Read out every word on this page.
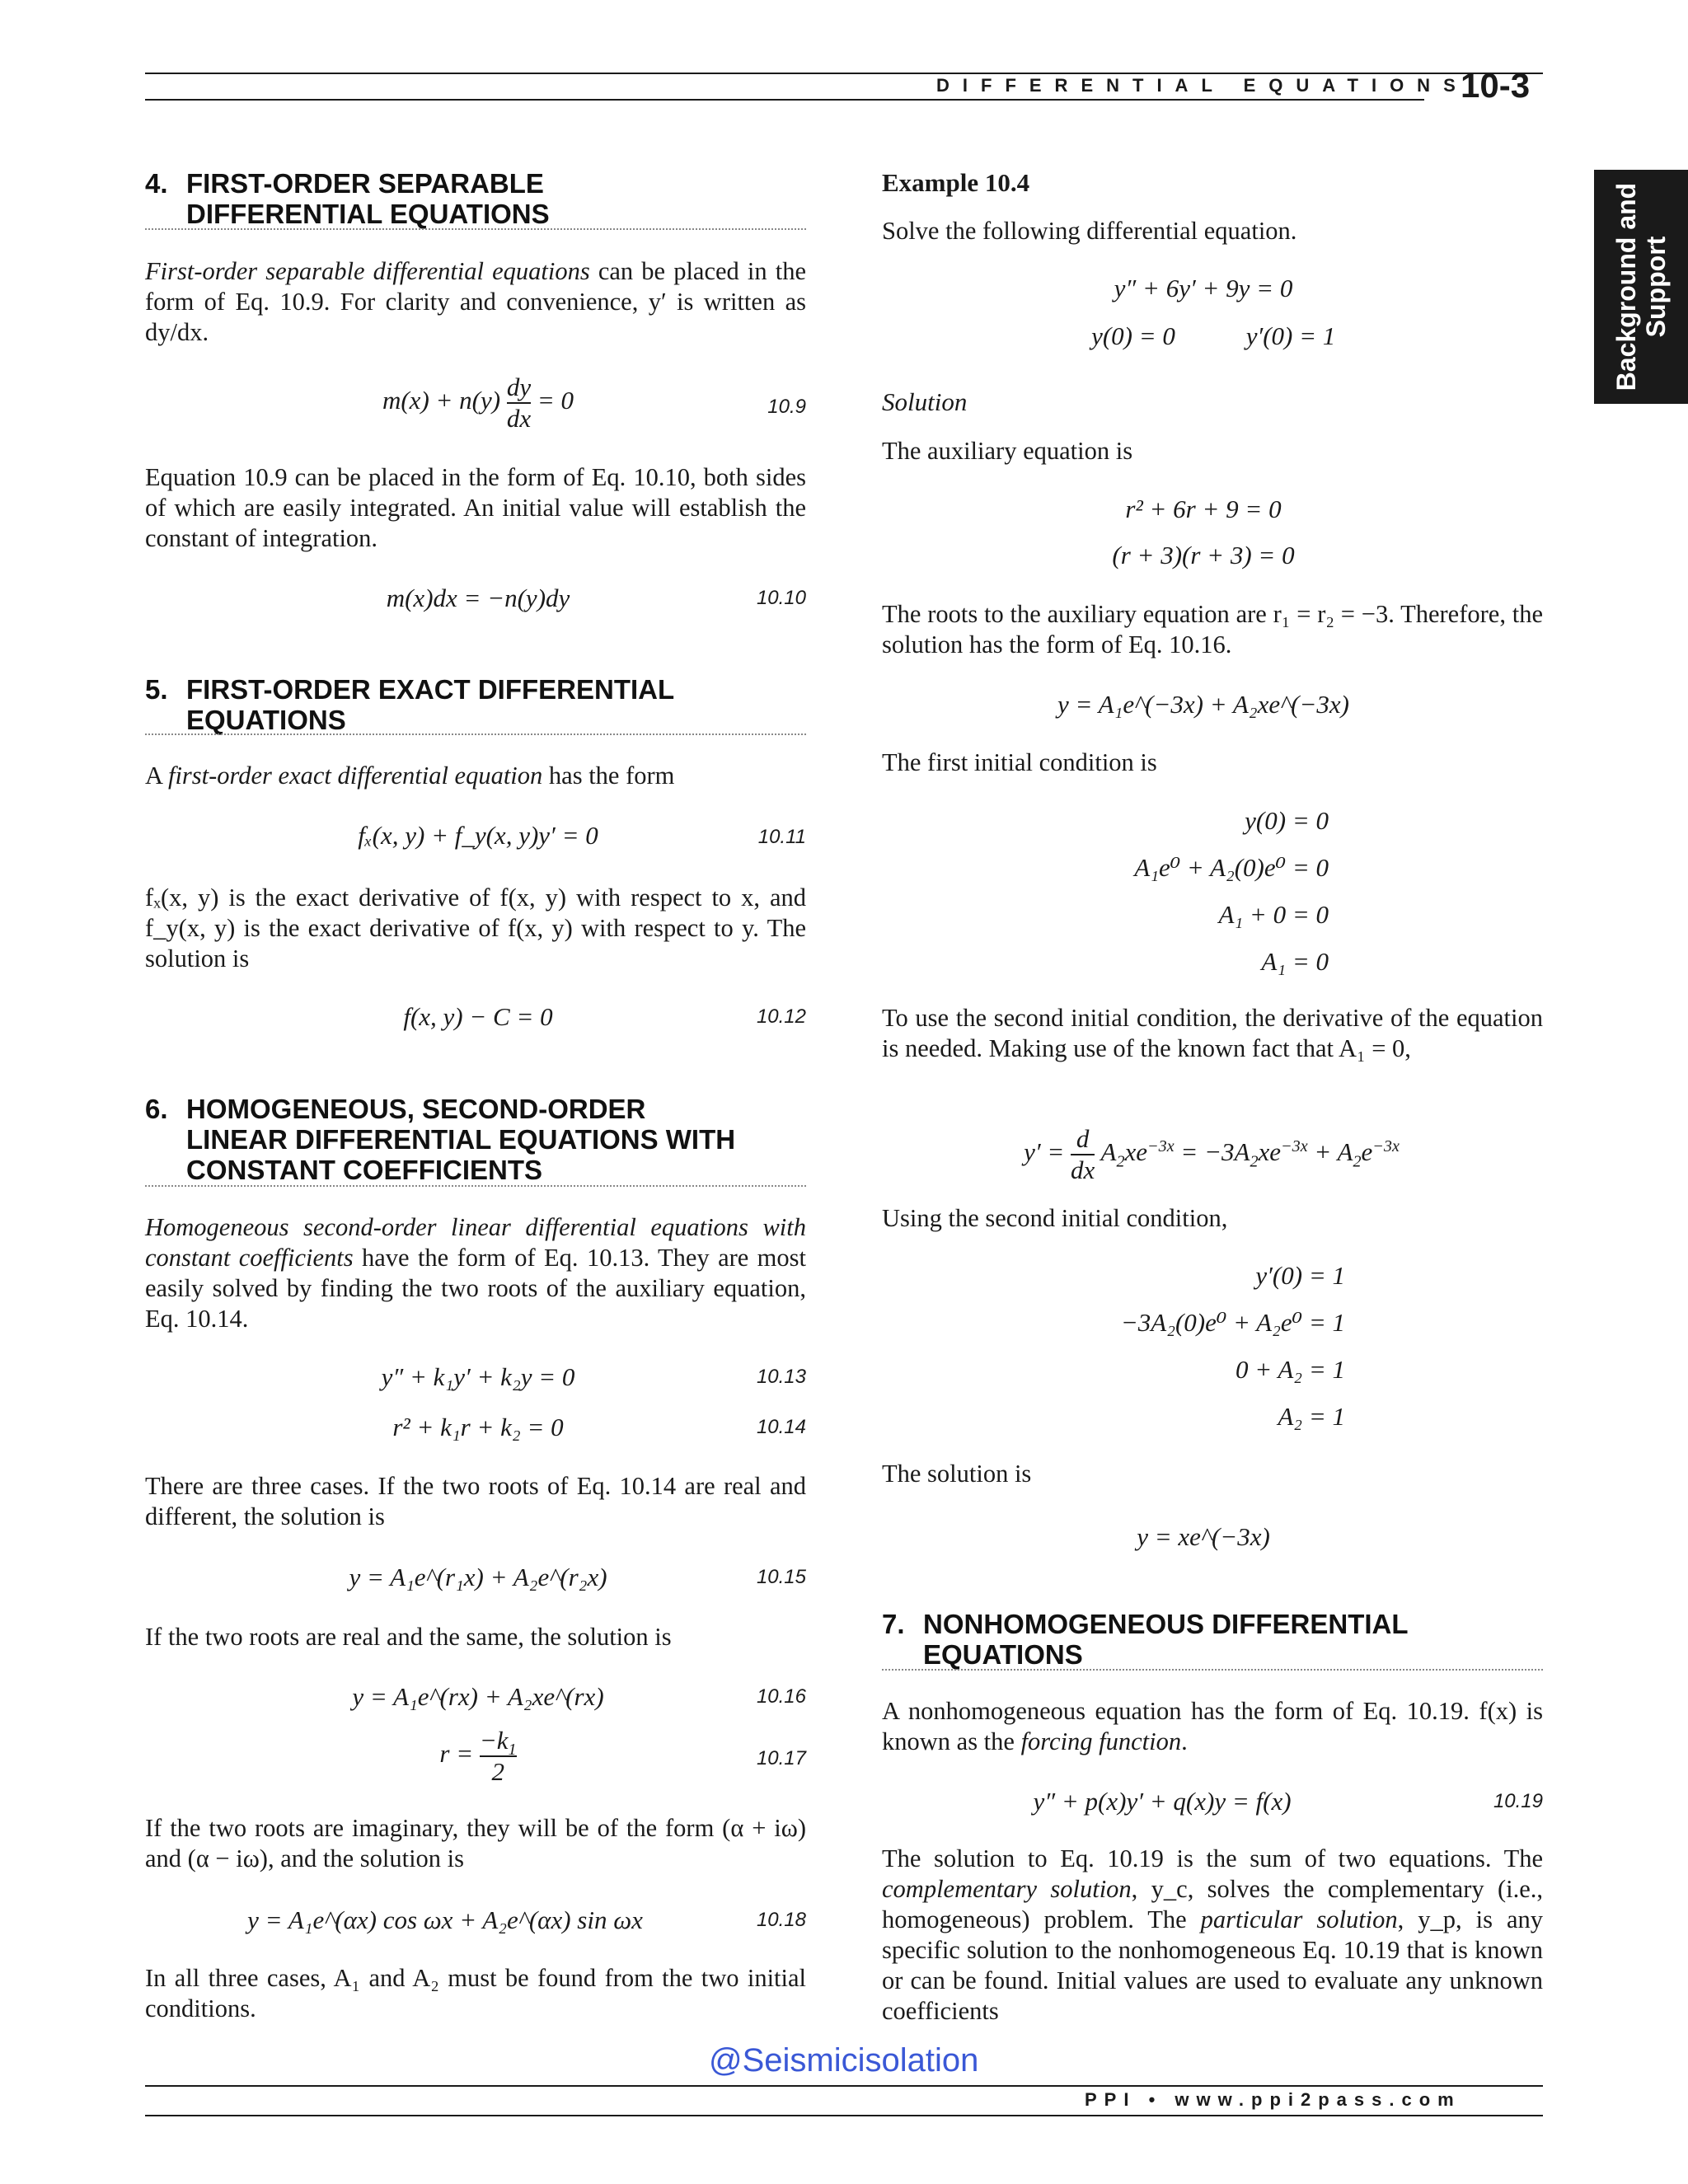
DIFFERENTIAL EQUATIONS
10-3
Background and
Support
4. FIRST-ORDER SEPARABLE
DIFFERENTIAL EQUATIONS
First-order separable differential equations can be placed in the form of Eq. 10.9. For clarity and convenience, y′ is written as dy/dx.
$m(x) + n(y) \frac{dy}{dx} = 0$	10.9
Equation 10.9 can be placed in the form of Eq. 10.10, both sides of which are easily integrated. An initial value will establish the constant of integration.
m(x)dx = −n(y)dy	10.10
5. FIRST-ORDER EXACT DIFFERENTIAL
EQUATIONS
A first-order exact differential equation has the form
fₓ(x, y) + f_y(x, y)y′ = 0	10.11
fₓ(x, y) is the exact derivative of f(x, y) with respect to x, and f_y(x, y) is the exact derivative of f(x, y) with respect to y. The solution is
f(x, y) − C = 0	10.12
6. HOMOGENEOUS, SECOND-ORDER
LINEAR DIFFERENTIAL EQUATIONS WITH
CONSTANT COEFFICIENTS
Homogeneous second-order linear differential equations with constant coefficients have the form of Eq. 10.13. They are most easily solved by finding the two roots of the auxiliary equation, Eq. 10.14.
y″ + k₁y′ + k₂y = 0	10.13
r² + k₁r + k₂ = 0	10.14
There are three cases. If the two roots of Eq. 10.14 are real and different, the solution is
y = A₁e^(r₁x) + A₂e^(r₂x)	10.15
If the two roots are real and the same, the solution is
y = A₁e^(rx) + A₂xe^(rx)	10.16
$r = \frac{-k_1}{2}$	10.17
If the two roots are imaginary, they will be of the form (α + iω) and (α − iω), and the solution is
y = A₁e^(αx) cos ωx + A₂e^(αx) sin ωx	10.18
In all three cases, A₁ and A₂ must be found from the two initial conditions.
Example 10.4
Solve the following differential equation.
y″ + 6y′ + 9y = 0
y(0) = 0	y′(0) = 1
Solution
The auxiliary equation is
r² + 6r + 9 = 0
(r + 3)(r + 3) = 0
The roots to the auxiliary equation are r₁ = r₂ = −3. Therefore, the solution has the form of Eq. 10.16.
y = A₁e^(−3x) + A₂xe^(−3x)
The first initial condition is
y(0) = 0
A₁e⁰ + A₂(0)e⁰ = 0
A₁ + 0 = 0
A₁ = 0
To use the second initial condition, the derivative of the equation is needed. Making use of the known fact that A₁ = 0,
$y' = \frac{d}{dx} A_2xe^{-3x} = -3A_2xe^{-3x} + A_2e^{-3x}$
Using the second initial condition,
y′(0) = 1
−3A₂(0)e⁰ + A₂e⁰ = 1
0 + A₂ = 1
A₂ = 1
The solution is
y = xe^(−3x)
7. NONHOMOGENEOUS DIFFERENTIAL
EQUATIONS
A nonhomogeneous equation has the form of Eq. 10.19. f(x) is known as the forcing function.
y″ + p(x)y′ + q(x)y = f(x)	10.19
The solution to Eq. 10.19 is the sum of two equations. The complementary solution, y_c, solves the complementary (i.e., homogeneous) problem. The particular solution, y_p, is any specific solution to the nonhomogeneous Eq. 10.19 that is known or can be found. Initial values are used to evaluate any unknown coefficients
@Seismicisolation
PPI • www.ppi2pass.com
